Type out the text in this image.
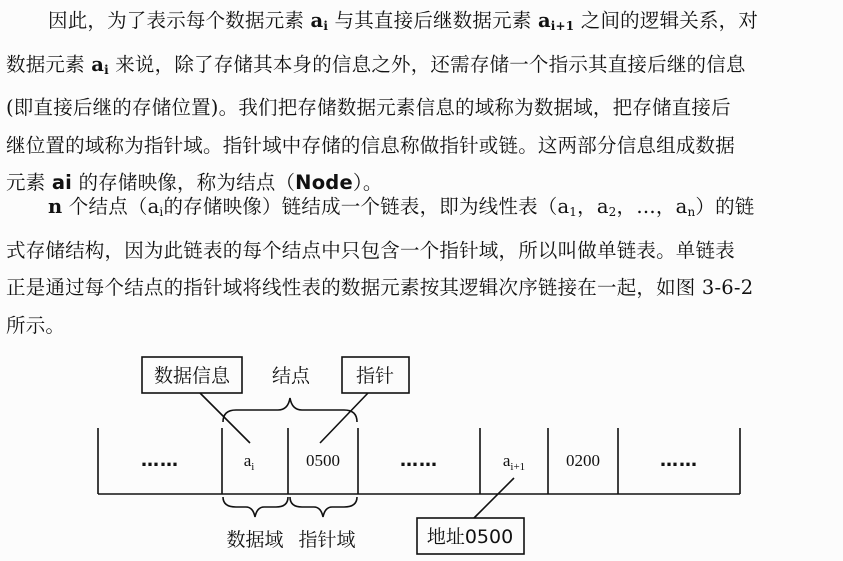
因此，为了表示每个数据元素 $a_i$ 与其直接后继数据元素 $a_{i+1}$ 之间的逻辑关系，对
数据元素 $a_i$ 来说，除了存储其本身的信息之外，还需存储一个指示其直接后继的信息
(即直接后继的存储位置)。我们把存储数据元素信息的域称为数据域，把存储直接后
继位置的域称为指针域。指针域中存储的信息称做指针或链。这两部分信息组成数据
元素 ai 的存储映像，称为结点（Node）。

n 个结点（$a_i$的存储映像）链结成一个链表，即为线性表（$a_1$，$a_2$，…，$a_n$）的链
式存储结构，因为此链表的每个结点中只包含一个指针域，所以叫做单链表。单链表
正是通过每个结点的指针域将线性表的数据元素按其逻辑次序链接在一起，如图 3-6-2
所示。

数据信息 结点 指针
……	$a_i$	0500	……	$a_{i+1}$ 0200	……
数据域 指针域	地址0500
